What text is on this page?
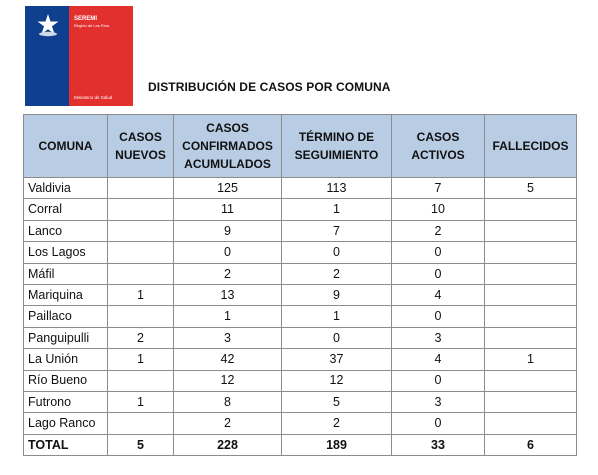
SEREMI
Región de Los Ríos
Ministerio de Salud
DISTRIBUCIÓN DE CASOS POR COMUNA
COMUNA	CASOS NUEVOS	CASOS CONFIRMADOS ACUMULADOS	TÉRMINO DE SEGUIMIENTO	CASOS ACTIVOS	FALLECIDOS
Valdivia		125	113	7	5
Corral		11	1	10	
Lanco		9	7	2	
Los Lagos		0	0	0	
Máfil		2	2	0	
Mariquina	1	13	9	4	
Paillaco		1	1	0	
Panguipulli	2	3	0	3	
La Unión	1	42	37	4	1
Río Bueno		12	12	0	
Futrono	1	8	5	3	
Lago Ranco		2	2	0	
TOTAL	5	228	189	33	6
